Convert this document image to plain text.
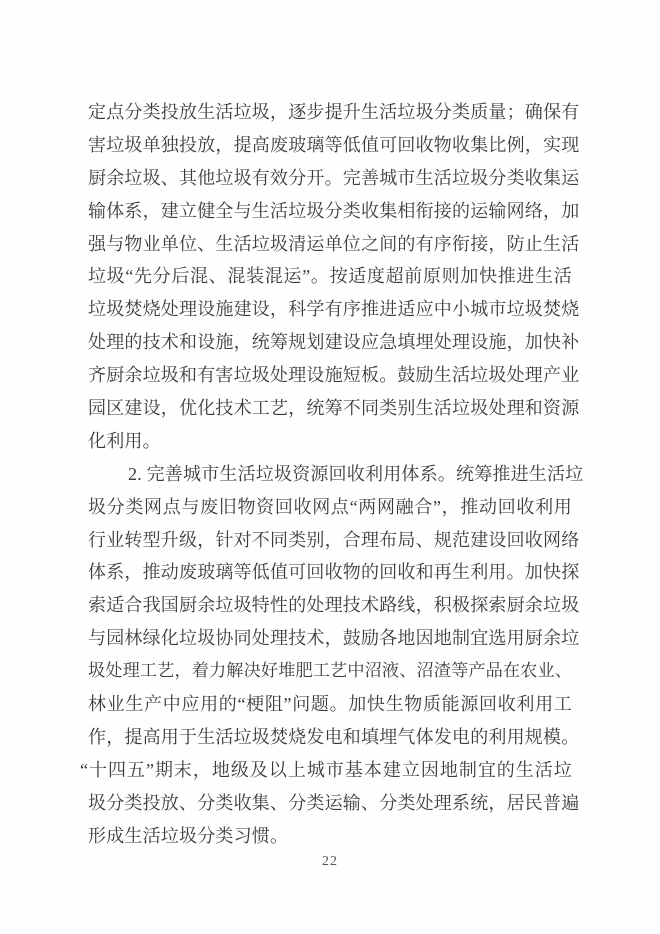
定点分类投放生活垃圾，逐步提升生活垃圾分类质量；确保有
害垃圾单独投放，提高废玻璃等低值可回收物收集比例，实现
厨余垃圾、其他垃圾有效分开。完善城市生活垃圾分类收集运
输体系，建立健全与生活垃圾分类收集相衔接的运输网络，加
强与物业单位、生活垃圾清运单位之间的有序衔接，防止生活
垃圾“先分后混、混装混运”。按适度超前原则加快推进生活
垃圾焚烧处理设施建设，科学有序推进适应中小城市垃圾焚烧
处理的技术和设施，统筹规划建设应急填埋处理设施，加快补
齐厨余垃圾和有害垃圾处理设施短板。鼓励生活垃圾处理产业
园区建设，优化技术工艺，统筹不同类别生活垃圾处理和资源
化利用。
2. 完善城市生活垃圾资源回收利用体系。统筹推进生活垃
圾分类网点与废旧物资回收网点“两网融合”，推动回收利用
行业转型升级，针对不同类别，合理布局、规范建设回收网络
体系，推动废玻璃等低值可回收物的回收和再生利用。加快探
索适合我国厨余垃圾特性的处理技术路线，积极探索厨余垃圾
与园林绿化垃圾协同处理技术，鼓励各地因地制宜选用厨余垃
圾处理工艺，着力解决好堆肥工艺中沼液、沼渣等产品在农业、
林业生产中应用的“梗阻”问题。加快生物质能源回收利用工
作，提高用于生活垃圾焚烧发电和填埋气体发电的利用规模。
“十四五”期末，地级及以上城市基本建立因地制宜的生活垃
圾分类投放、分类收集、分类运输、分类处理系统，居民普遍
形成生活垃圾分类习惯。
22
